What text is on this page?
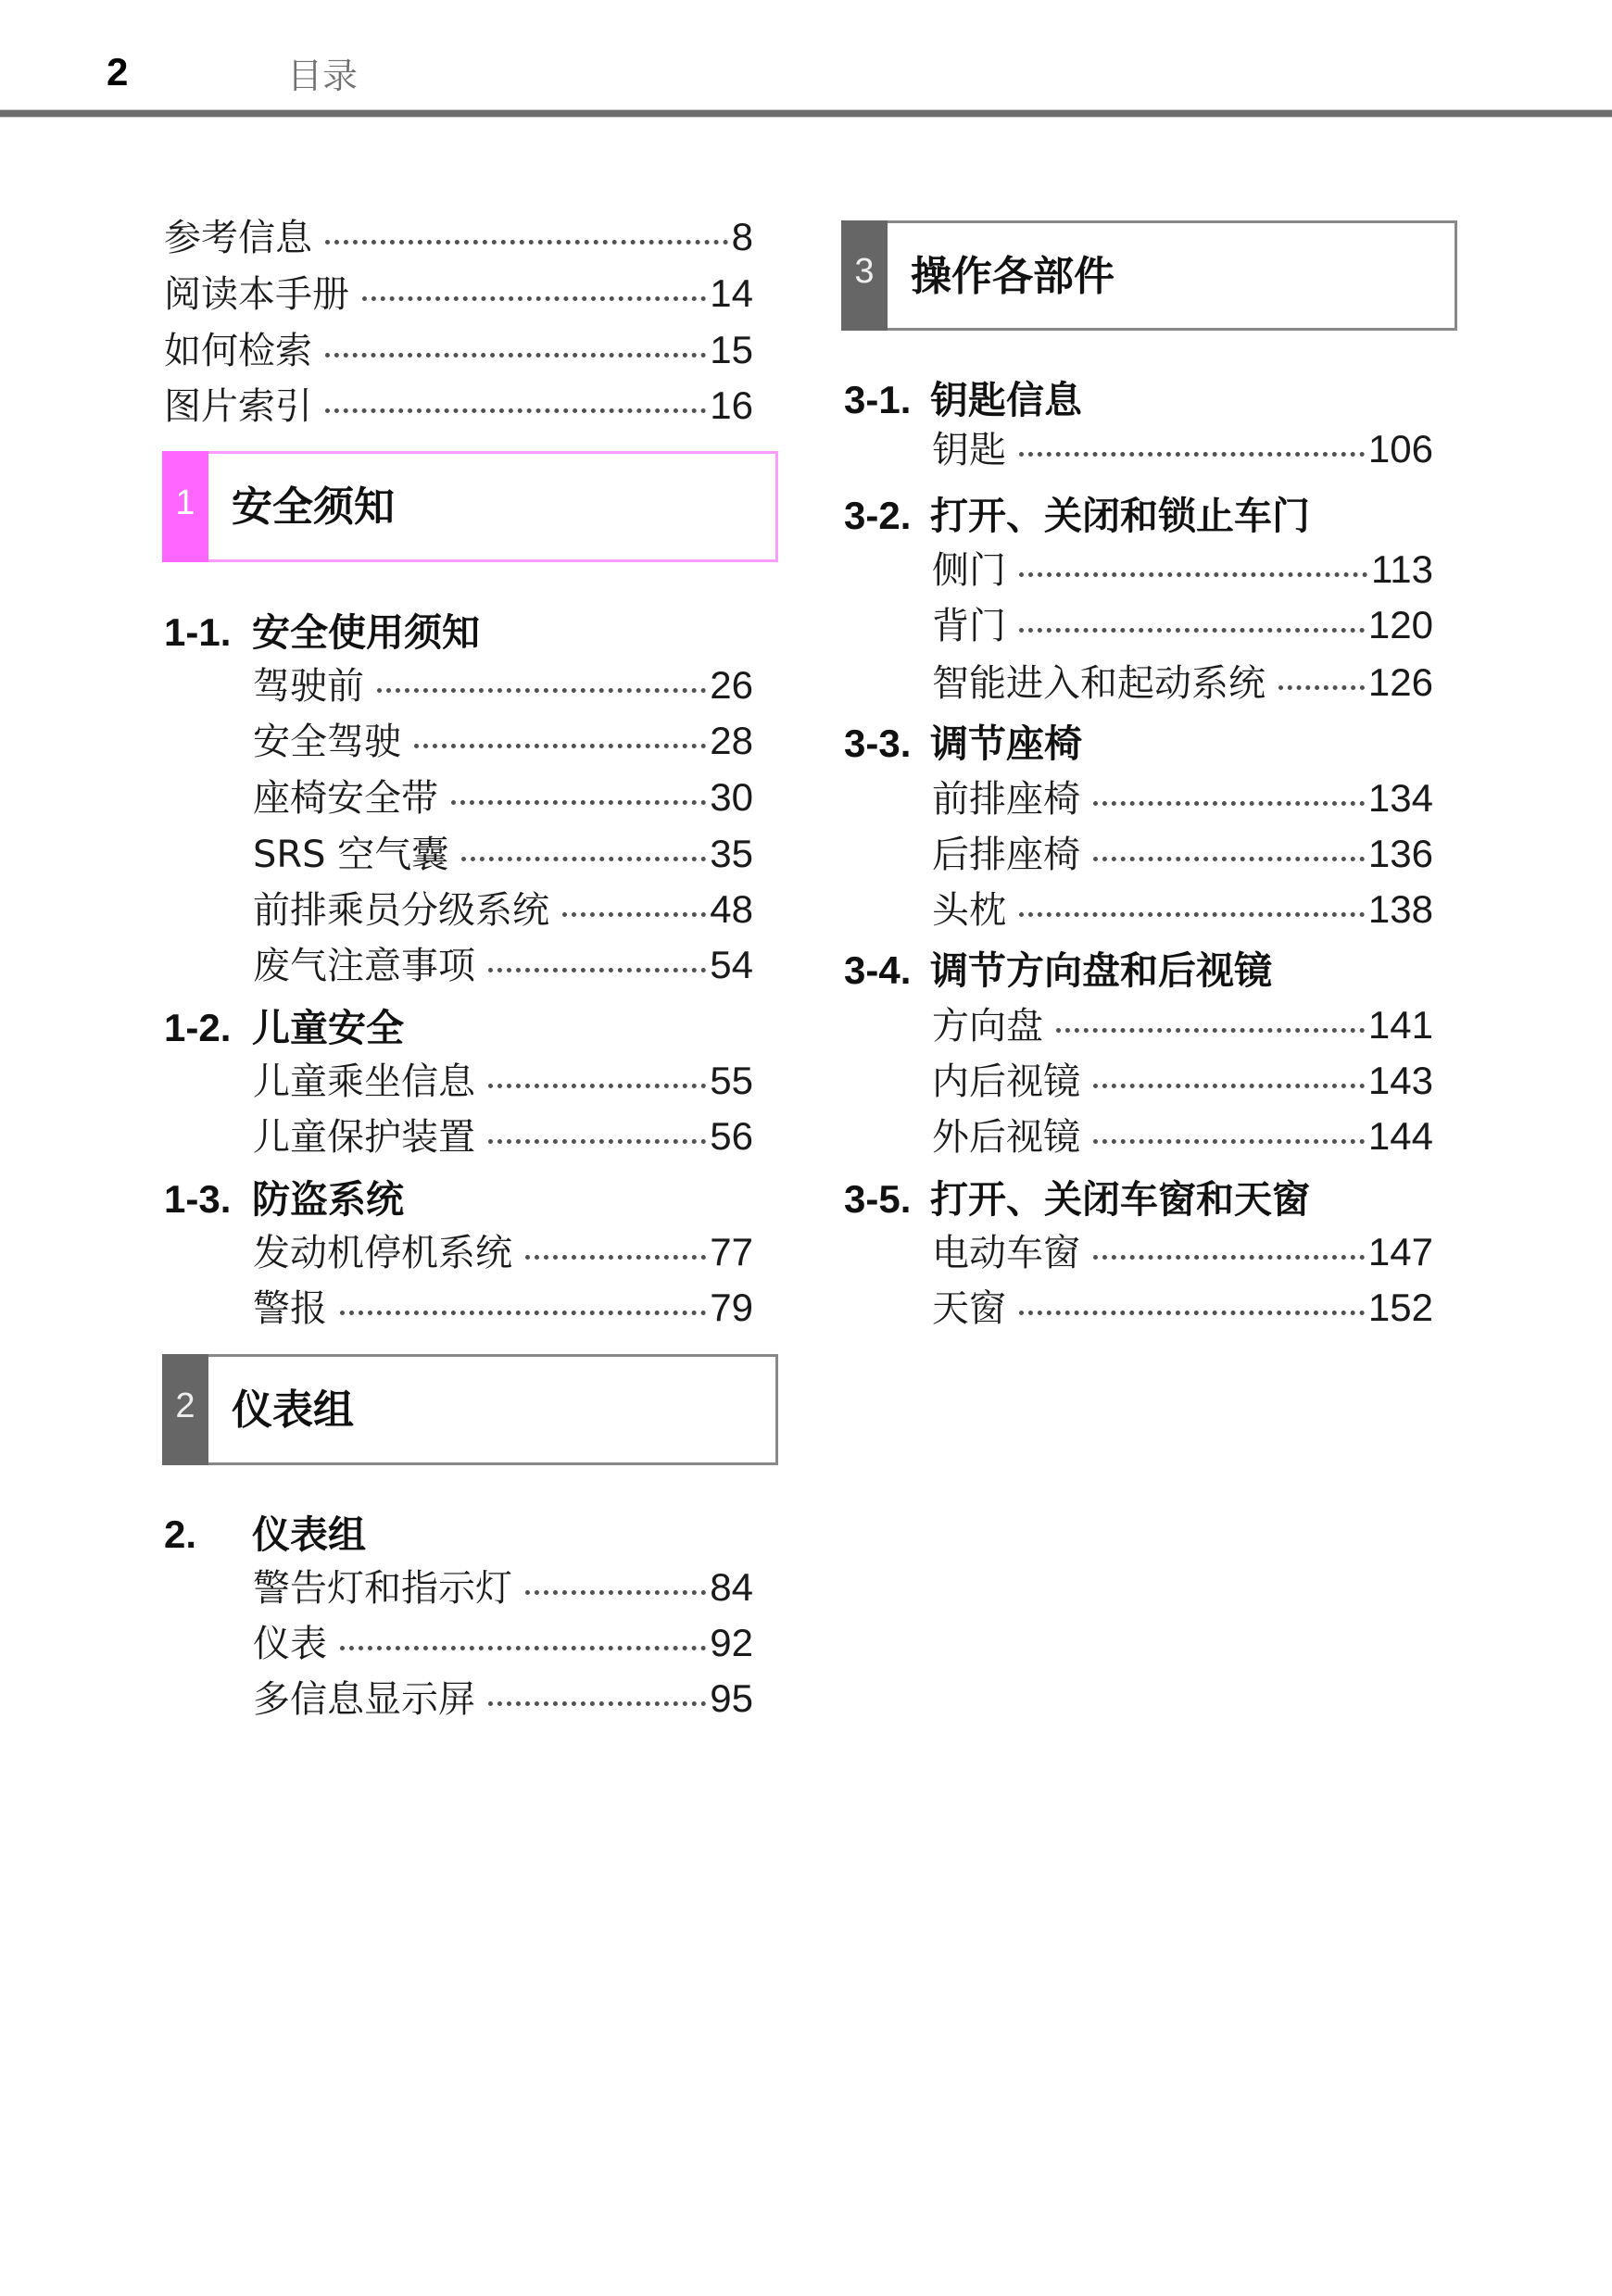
2	目录
参考信息	8
阅读本手册	14
如何检索	15
图片索引	16
1 安全须知
1-1. 安全使用须知
驾驶前	26
安全驾驶	28
座椅安全带	30
SRS 空气囊	35
前排乘员分级系统	48
废气注意事项	54
1-2. 儿童安全
儿童乘坐信息	55
儿童保护装置	56
1-3. 防盗系统
发动机停机系统	77
警报	79
2 仪表组
2. 仪表组
警告灯和指示灯	84
仪表	92
多信息显示屏	95
3 操作各部件
3-1. 钥匙信息
钥匙	106
3-2. 打开、关闭和锁止车门
侧门	113
背门	120
智能进入和起动系统	126
3-3. 调节座椅
前排座椅	134
后排座椅	136
头枕	138
3-4. 调节方向盘和后视镜
方向盘	141
内后视镜	143
外后视镜	144
3-5. 打开、关闭车窗和天窗
电动车窗	147
天窗	152
